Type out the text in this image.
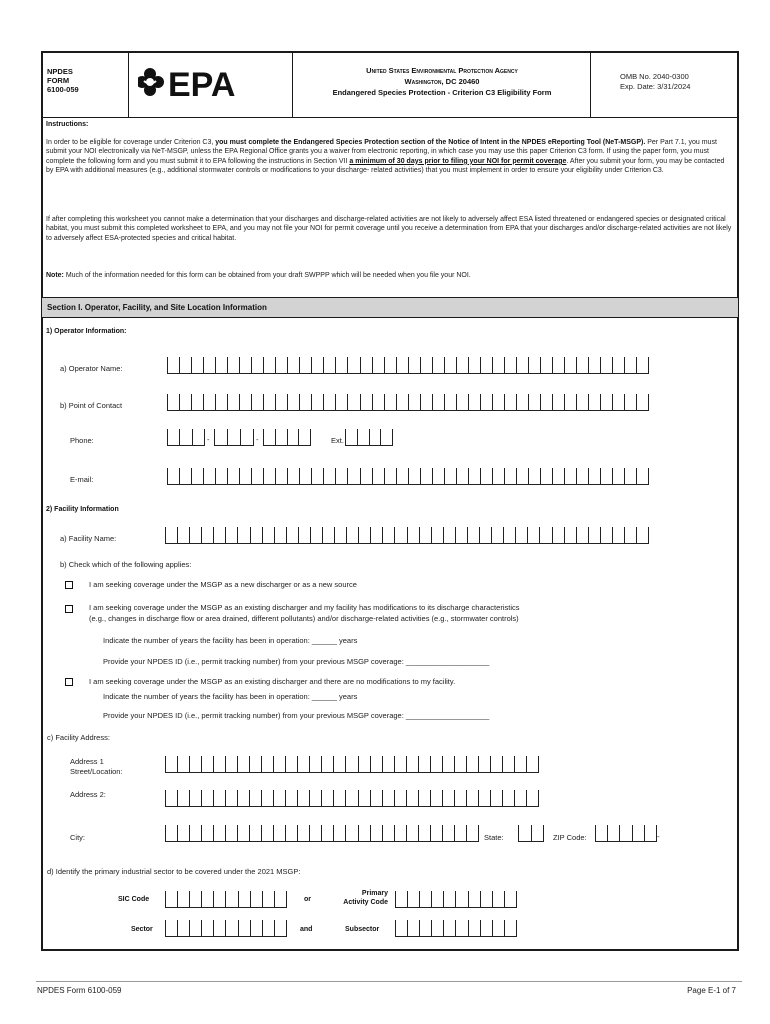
NPDES
FORM
6100-059	EPA	United States Environmental Protection Agency
Washington, DC 20460
Endangered Species Protection - Criterion C3 Eligibility Form
OMB No. 2040-0300
Exp. Date: 3/31/2024
Instructions:
In order to be eligible for coverage under Criterion C3, you must complete the Endangered Species Protection section of the Notice of Intent in the NPDES eReporting Tool (NeT-MSGP). Per Part 7.1, you must submit your NOI electronically via NeT-MSGP, unless the EPA Regional Office grants you a waiver from electronic reporting, in which case you may use this paper Criterion C3 form. If using the paper form, you must complete the following form and you must submit it to EPA following the instructions in Section VII a minimum of 30 days prior to filing your NOI for permit coverage. After you submit your form, you may be contacted by EPA with additional measures (e.g., additional stormwater controls or modifications to your discharge- related activities) that you must implement in order to ensure your eligibility under Criterion C3.
If after completing this worksheet you cannot make a determination that your discharges and discharge-related activities are not likely to adversely affect ESA listed threatened or endangered species or designated critical habitat, you must submit this completed worksheet to EPA, and you may not file your NOI for permit coverage until you receive a determination from EPA that your discharges and/or discharge-related activities are not likely to adversely affect ESA-protected species and critical habitat.
Note: Much of the information needed for this form can be obtained from your draft SWPPP which will be needed when you file your NOI.
Section I. Operator, Facility, and Site Location Information
1) Operator Information:
a) Operator Name:
b) Point of Contact
Phone:	-	-	Ext.
E-mail:
2) Facility Information
a) Facility Name:
b) Check which of the following applies:
I am seeking coverage under the MSGP as a new discharger or as a new source
I am seeking coverage under the MSGP as an existing discharger and my facility has modifications to its discharge characteristics
(e.g., changes in discharge flow or area drained, different pollutants) and/or discharge-related activities (e.g., stormwater controls)
Indicate the number of years the facility has been in operation: ______ years
Provide your NPDES ID (i.e., permit tracking number) from your previous MSGP coverage: ____________________
I am seeking coverage under the MSGP as an existing discharger and there are no modifications to my facility.
Indicate the number of years the facility has been in operation: ______ years
Provide your NPDES ID (i.e., permit tracking number) from your previous MSGP coverage: ____________________
c) Facility Address:
Address 1
Street/Location:
Address 2:
City:	State:	ZIP Code:	-
d) Identify the primary industrial sector to be covered under the 2021 MSGP:
SIC Code	or
Primary
Activity Code
Sector	and	Subsector
NPDES Form 6100-059	Page E-1 of 7
